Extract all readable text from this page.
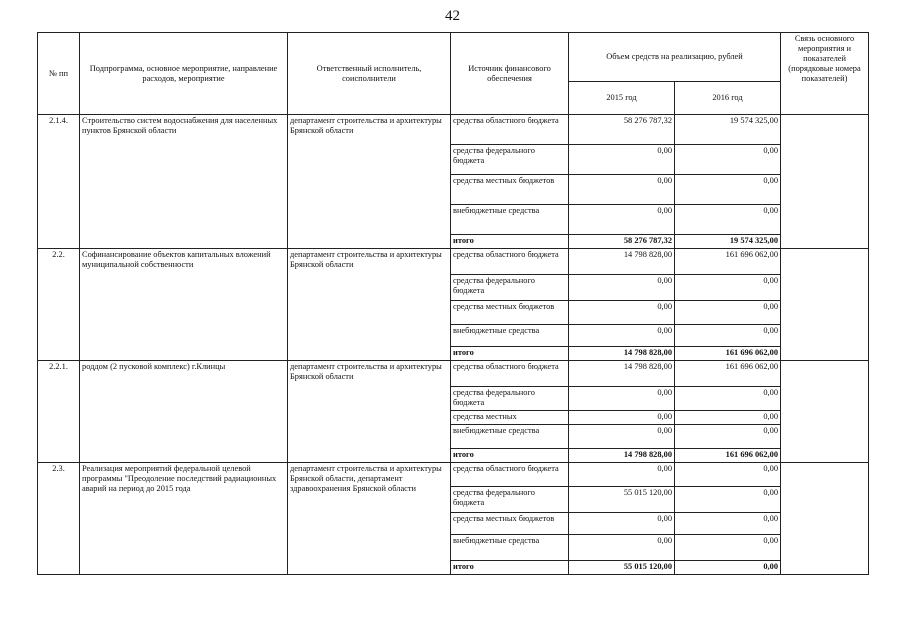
42
№ пп	Подпрограмма, основное мероприятие, направление расходов, мероприятие	Ответственный исполнитель, соисполнители	Источник финансового обеспечения	Объем средств на реализацию, рублей		Связь основного мероприятия и показателей (порядковые номера показателей)
				2015 год	2016 год	
2.1.4.	Строительство систем водоснабжения для населенных пунктов Брянской области	департамент строительства и архитектуры Брянской области	средства областного бюджета	58 276 787,32	19 574 325,00	
			средства федерального бюджета	0,00	0,00	
			средства местных бюджетов	0,00	0,00	
			внебюджетные средства	0,00	0,00	
			итого	58 276 787,32	19 574 325,00	
2.2.	Софинансирование объектов капитальных вложений муниципальной собственности	департамент строительства и архитектуры Брянской области	средства областного бюджета	14 798 828,00	161 696 062,00	
			средства федерального бюджета	0,00	0,00	
			средства местных бюджетов	0,00	0,00	
			внебюджетные средства	0,00	0,00	
			итого	14 798 828,00	161 696 062,00	
2.2.1.	роддом (2 пусковой комплекс) г.Клинцы	департамент строительства и архитектуры Брянской области	средства областного бюджета	14 798 828,00	161 696 062,00	
			средства федерального бюджета	0,00	0,00	
			средства местных	0,00	0,00	
			внебюджетные средства	0,00	0,00	
			итого	14 798 828,00	161 696 062,00	
2.3.	Реализация мероприятий федеральной целевой программы "Преодоление последствий радиационных аварий на период до 2015 года	департамент строительства и архитектуры Брянской области, департамент здравоохранения Брянской области	средства областного бюджета	0,00	0,00	
			средства федерального бюджета	55 015 120,00	0,00	
			средства местных бюджетов	0,00	0,00	
			внебюджетные средства	0,00	0,00	
			итого	55 015 120,00	0,00	
